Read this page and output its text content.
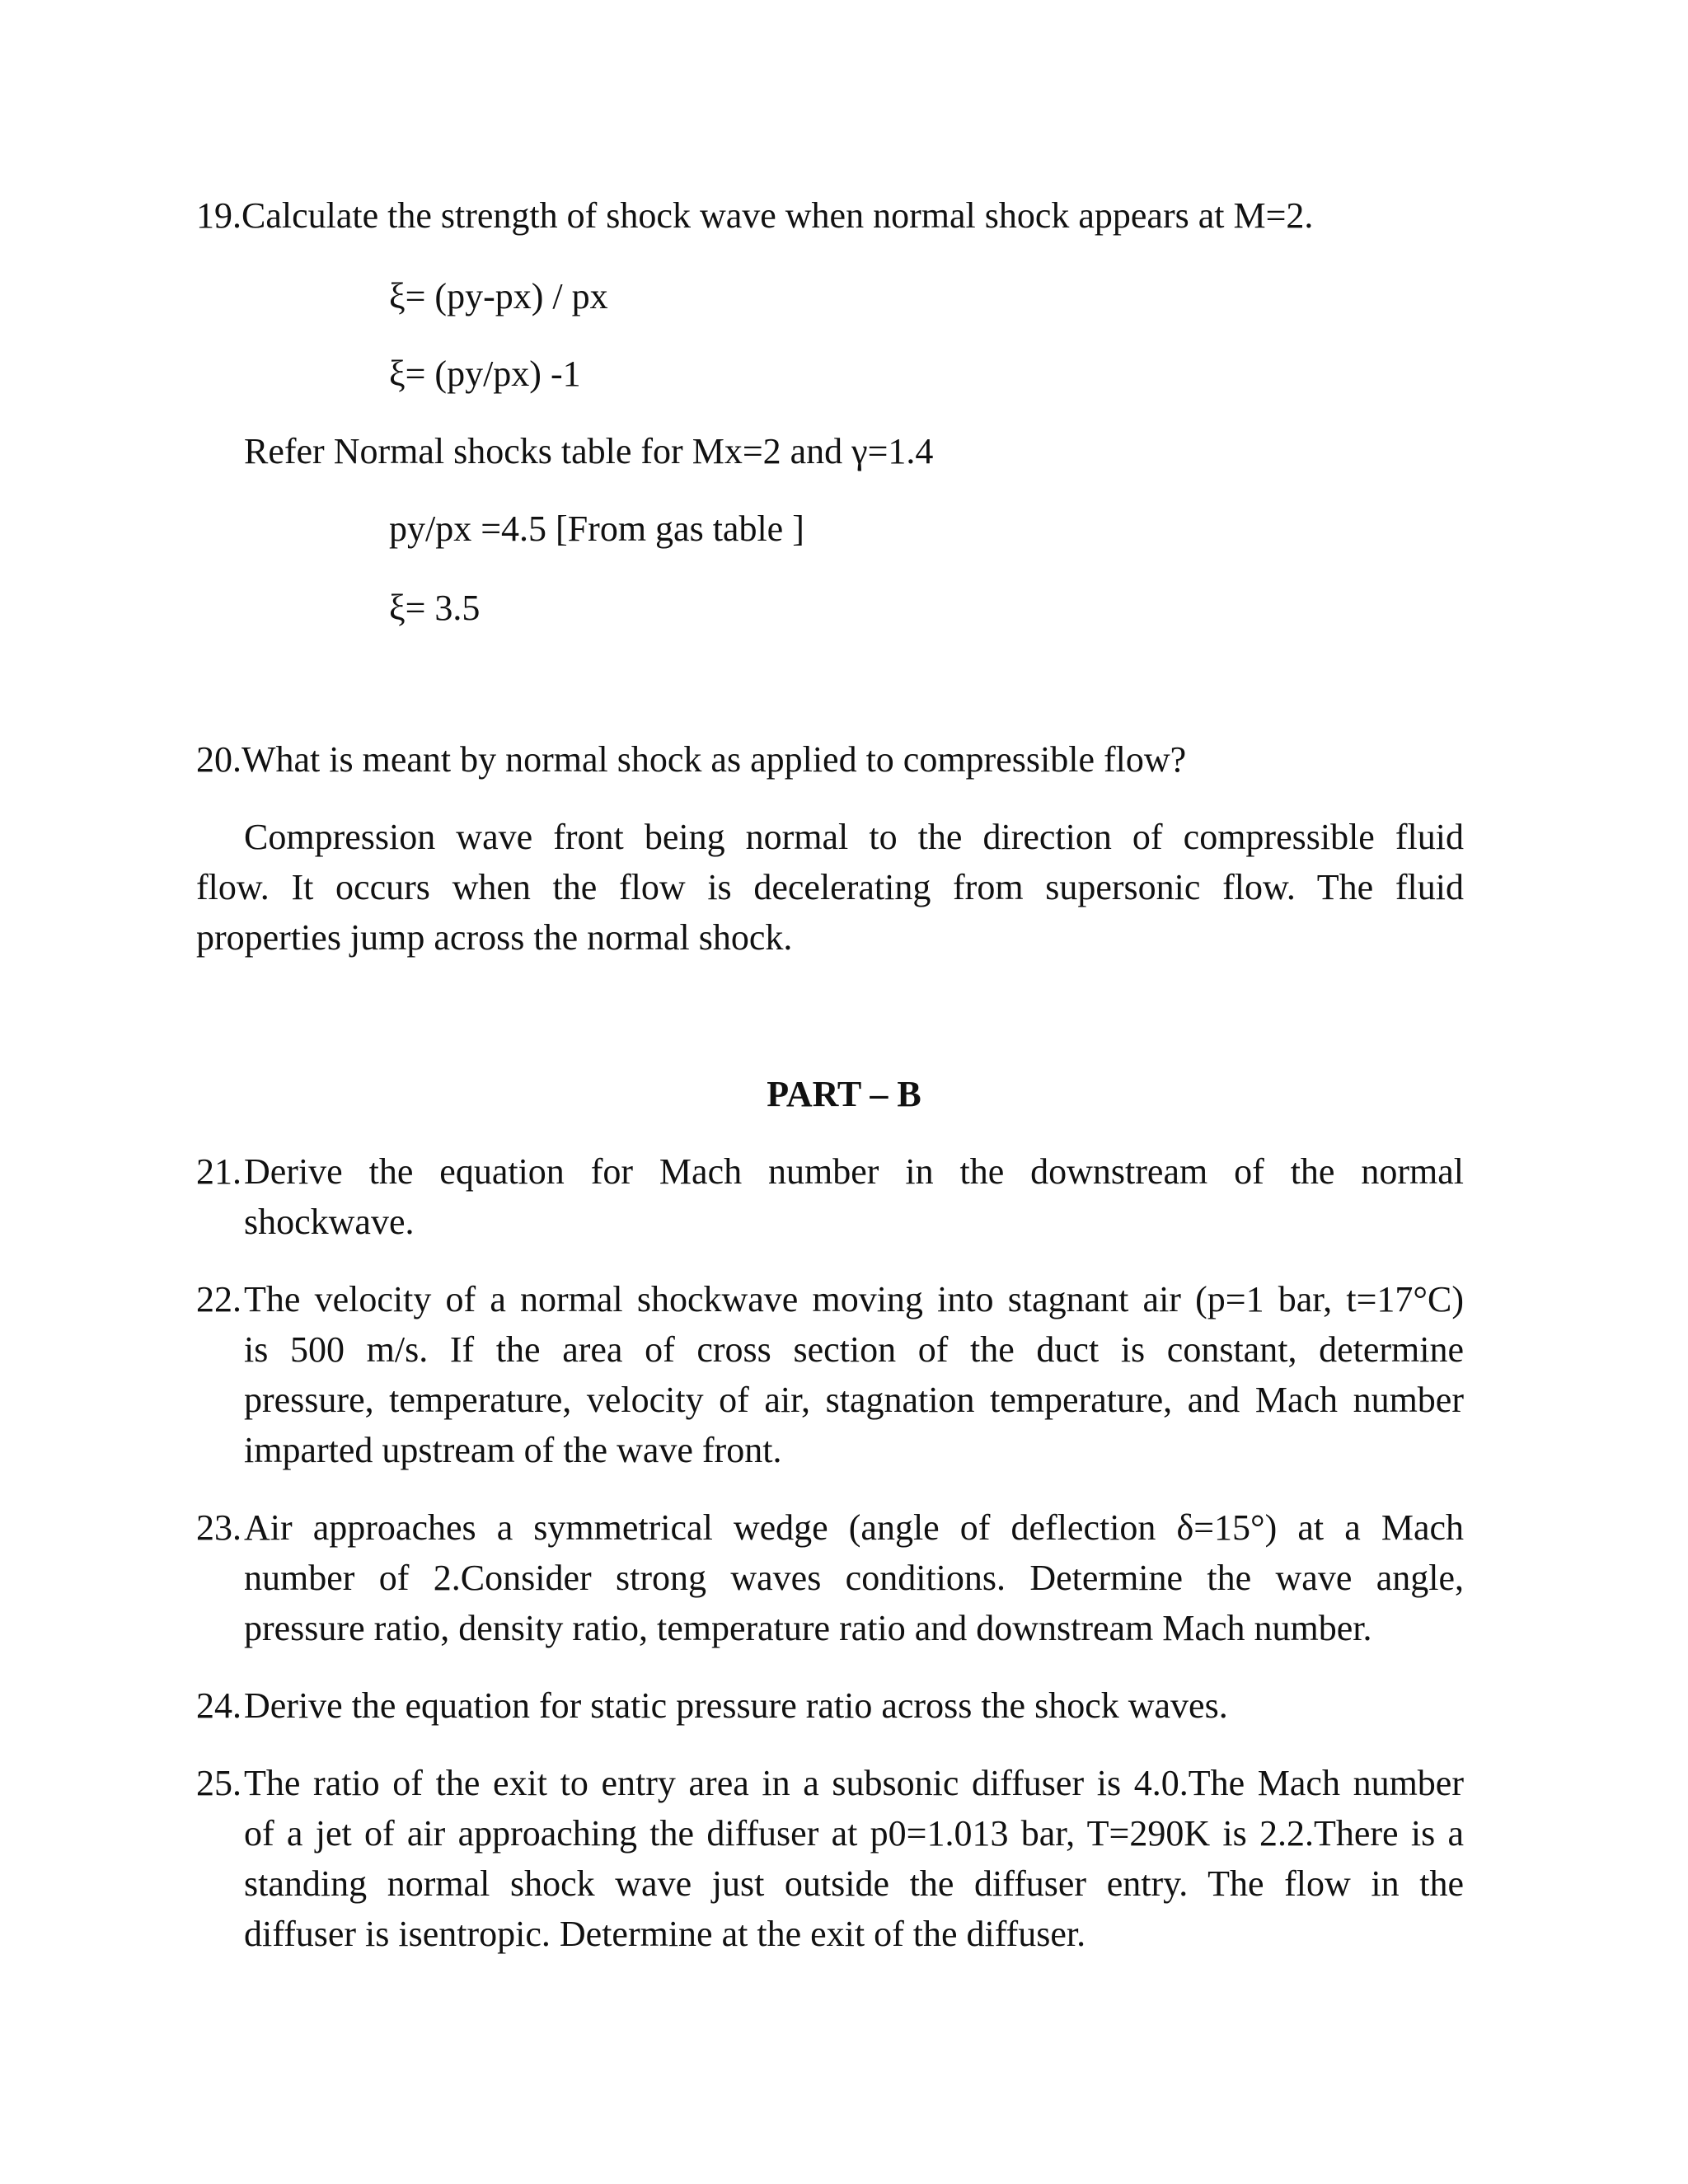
19.Calculate the strength of shock wave when normal shock appears at M=2.
ξ= (py-px) / px
ξ= (py/px) -1
Refer Normal shocks table for Mx=2 and γ=1.4
py/px =4.5 [From gas table ]
ξ= 3.5
20.What is meant by normal shock as applied to compressible flow?
Compression wave front being normal to the direction of compressible fluid
flow. It occurs when the flow is decelerating from supersonic flow. The fluid
properties jump across the normal shock.
PART – B
21. Derive the equation for Mach number in the downstream of the normal
shockwave.
22. The velocity of a normal shockwave moving into stagnant air (p=1 bar, t=17°C)
is 500 m/s. If the area of cross section of the duct is constant, determine
pressure, temperature, velocity of air, stagnation temperature, and Mach number
imparted upstream of the wave front.
23. Air approaches a symmetrical wedge (angle of deflection δ=15°) at a Mach
number of 2.Consider strong waves conditions. Determine the wave angle,
pressure ratio, density ratio, temperature ratio and downstream Mach number.
24. Derive the equation for static pressure ratio across the shock waves.
25. The ratio of the exit to entry area in a subsonic diffuser is 4.0.The Mach number
of a jet of air approaching the diffuser at p0=1.013 bar, T=290K is 2.2.There is a
standing normal shock wave just outside the diffuser entry. The flow in the
diffuser is isentropic. Determine at the exit of the diffuser.
